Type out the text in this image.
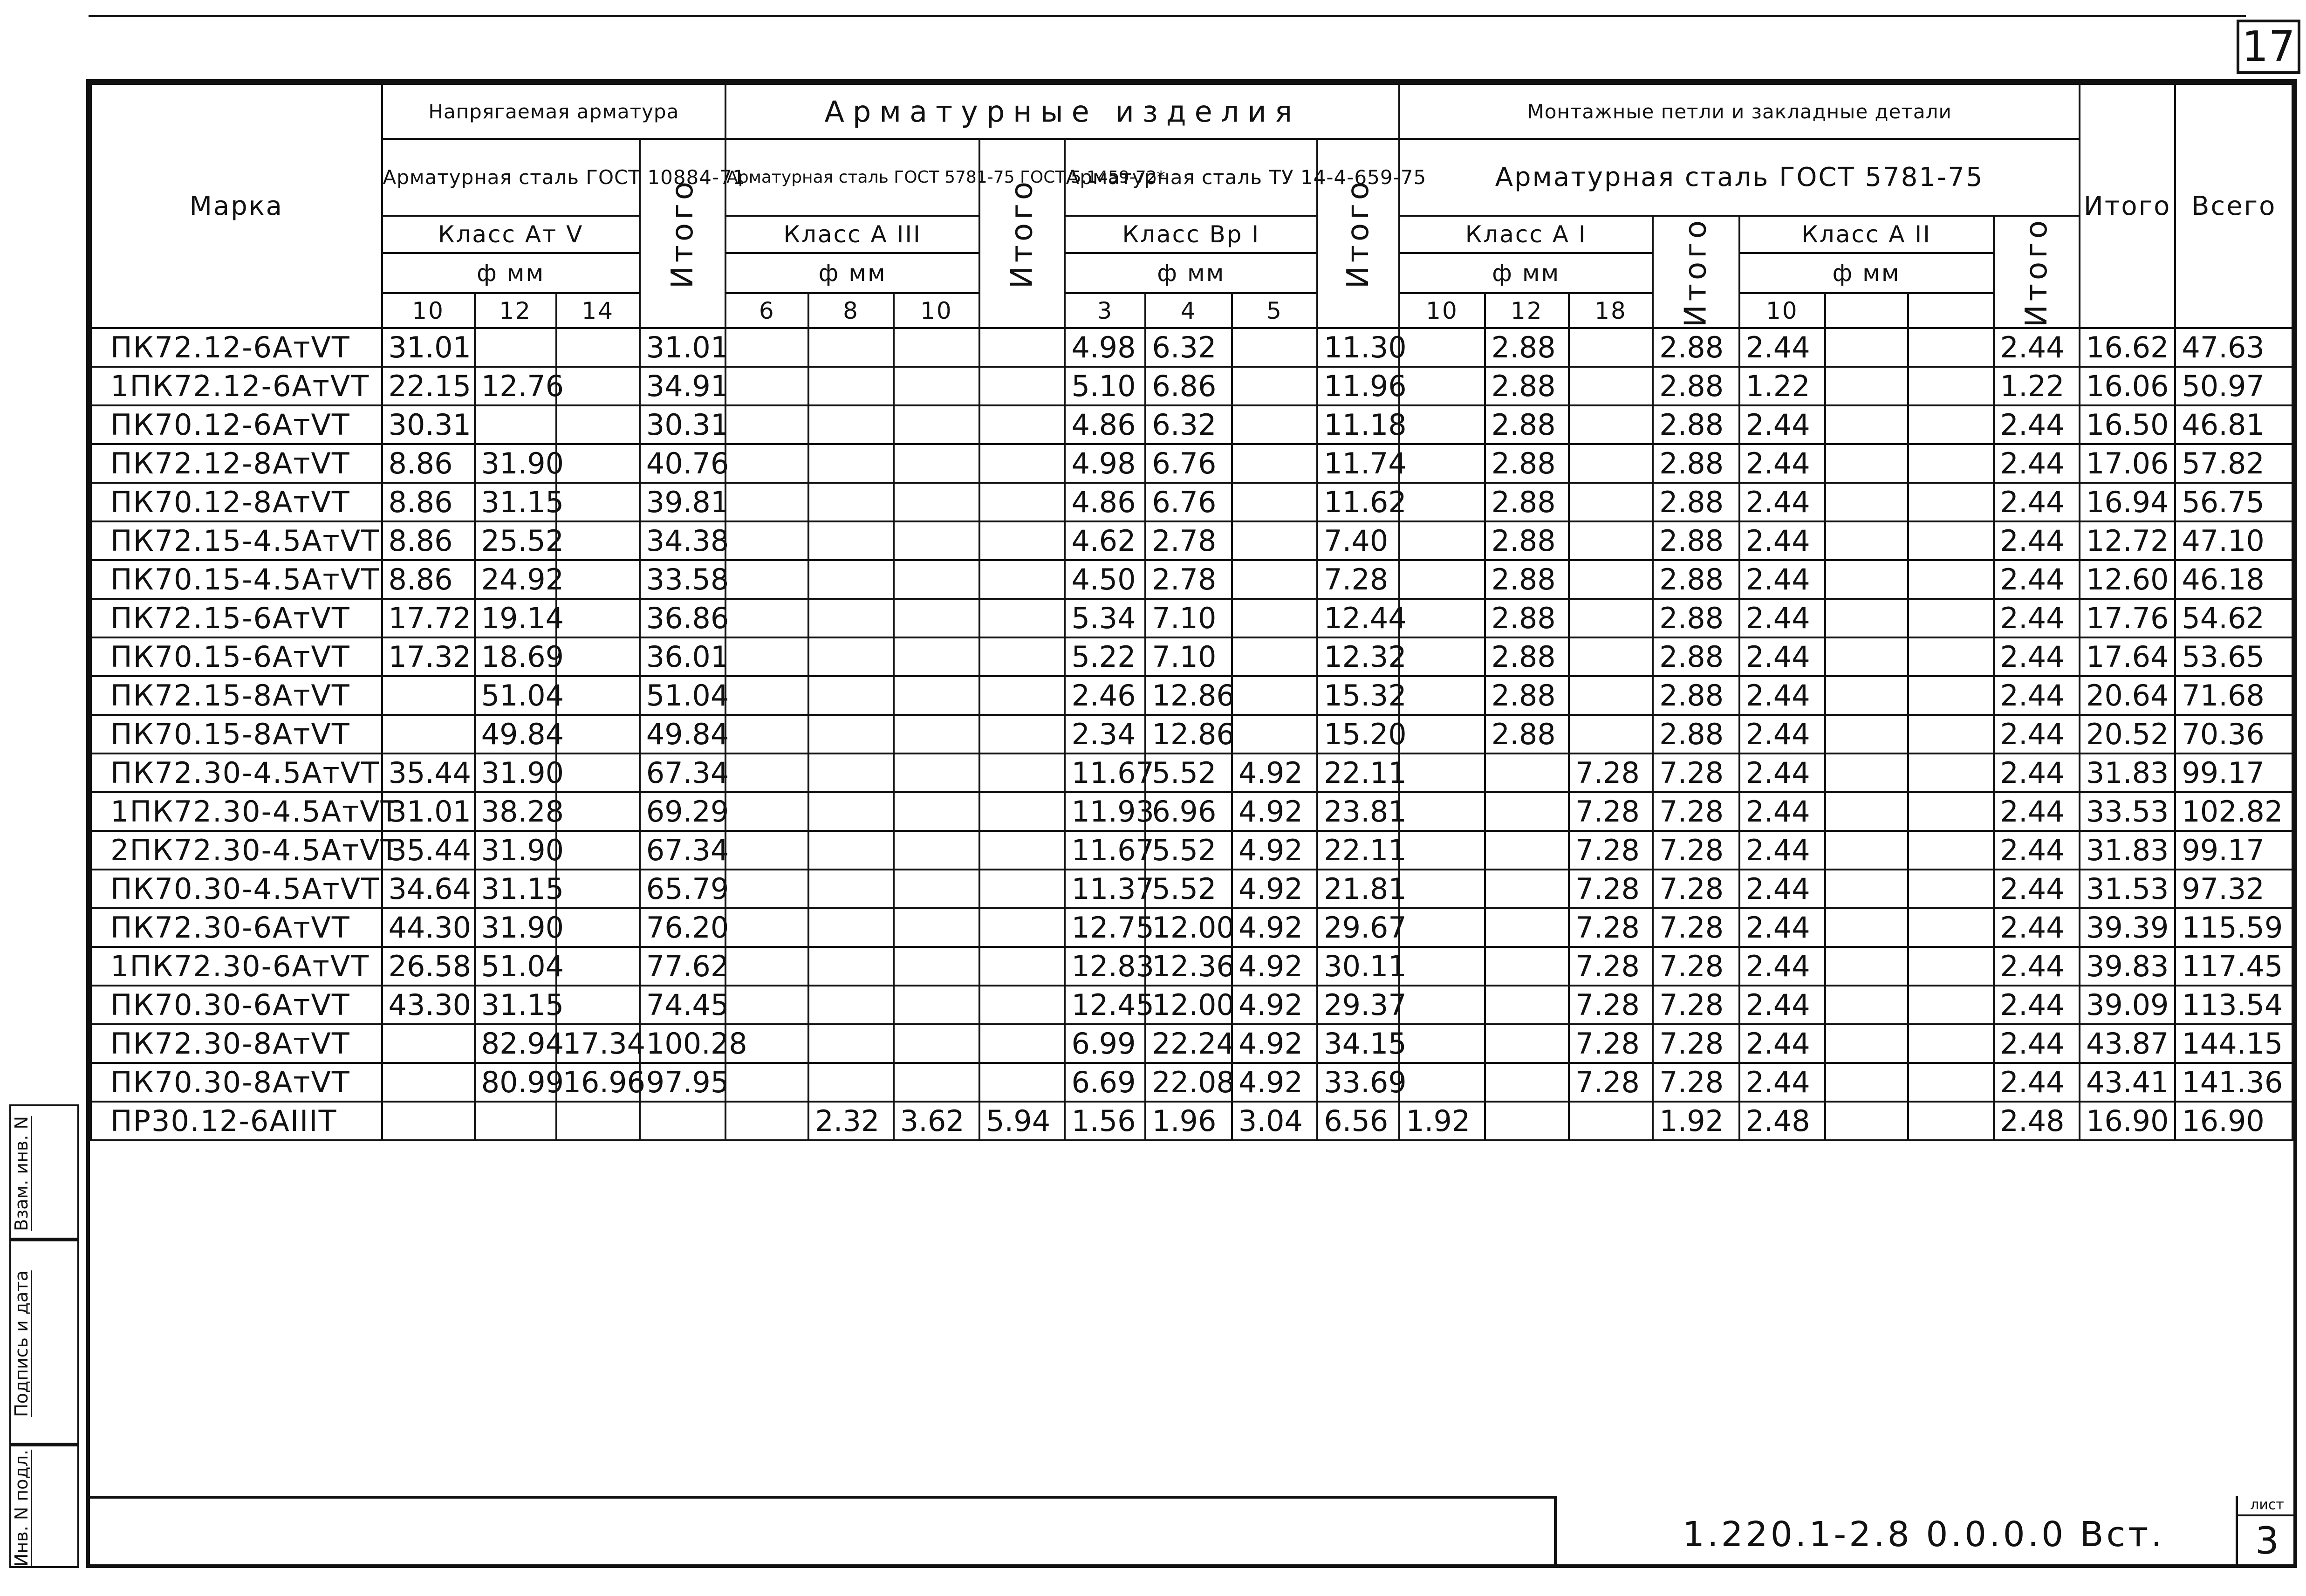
17
Марка	Напрягаемая арматура				Арматурные изделия								Монтажные петли и закладные детали								Итого	Всего
	Арматурная сталь ГОСТ 10884-71			Итого	Арматурная сталь ГОСТ 5781-75 ГОСТ 5.1459-72*			Итого	Арматурная сталь ТУ 14-4-659-75			Итого	Арматурная сталь ГОСТ 5781-75									
	Класс Ат V				Класс А III				Класс Вр I				Класс А I			Итого	Класс А II			Итого		
	ф мм				ф мм				ф мм				ф мм				ф мм					
	10	12	14		6	8	10		3	4	5		10	12	18		10					
ПК72.12-6АтVТ	31.01			31.01					4.98	6.32		11.30		2.88		2.88	2.44			2.44	16.62	47.63
1ПК72.12-6АтVТ	22.15	12.76		34.91					5.10	6.86		11.96		2.88		2.88	1.22			1.22	16.06	50.97
ПК70.12-6АтVТ	30.31			30.31					4.86	6.32		11.18		2.88		2.88	2.44			2.44	16.50	46.81
ПК72.12-8АтVТ	8.86	31.90		40.76					4.98	6.76		11.74		2.88		2.88	2.44			2.44	17.06	57.82
ПК70.12-8АтVТ	8.86	31.15		39.81					4.86	6.76		11.62		2.88		2.88	2.44			2.44	16.94	56.75
ПК72.15-4.5АтVТ	8.86	25.52		34.38					4.62	2.78		7.40		2.88		2.88	2.44			2.44	12.72	47.10
ПК70.15-4.5АтVТ	8.86	24.92		33.58					4.50	2.78		7.28		2.88		2.88	2.44			2.44	12.60	46.18
ПК72.15-6АтVТ	17.72	19.14		36.86					5.34	7.10		12.44		2.88		2.88	2.44			2.44	17.76	54.62
ПК70.15-6АтVТ	17.32	18.69		36.01					5.22	7.10		12.32		2.88		2.88	2.44			2.44	17.64	53.65
ПК72.15-8АтVТ		51.04		51.04					2.46	12.86		15.32		2.88		2.88	2.44			2.44	20.64	71.68
ПК70.15-8АтVТ		49.84		49.84					2.34	12.86		15.20		2.88		2.88	2.44			2.44	20.52	70.36
ПК72.30-4.5АтVТ	35.44	31.90		67.34					11.67	5.52	4.92	22.11			7.28	7.28	2.44			2.44	31.83	99.17
1ПК72.30-4.5АтVТ	31.01	38.28		69.29					11.93	6.96	4.92	23.81			7.28	7.28	2.44			2.44	33.53	102.82
2ПК72.30-4.5АтVТ	35.44	31.90		67.34					11.67	5.52	4.92	22.11			7.28	7.28	2.44			2.44	31.83	99.17
ПК70.30-4.5АтVТ	34.64	31.15		65.79					11.37	5.52	4.92	21.81			7.28	7.28	2.44			2.44	31.53	97.32
ПК72.30-6АтVТ	44.30	31.90		76.20					12.75	12.00	4.92	29.67			7.28	7.28	2.44			2.44	39.39	115.59
1ПК72.30-6АтVТ	26.58	51.04		77.62					12.83	12.36	4.92	30.11			7.28	7.28	2.44			2.44	39.83	117.45
ПК70.30-6АтVТ	43.30	31.15		74.45					12.45	12.00	4.92	29.37			7.28	7.28	2.44			2.44	39.09	113.54
ПК72.30-8АтVТ		82.94	17.34	100.28					6.99	22.24	4.92	34.15			7.28	7.28	2.44			2.44	43.87	144.15
ПК70.30-8АтVТ		80.99	16.96	97.95					6.69	22.08	4.92	33.69			7.28	7.28	2.44			2.44	43.41	141.36
ПР30.12-6АIIIТ						2.32	3.62	5.94	1.56	1.96	3.04	6.56	1.92			1.92	2.48			2.48	16.90	16.90
Взам. инв. N
Подпись и дата
Инв. N подл.	1.220.1-2.8 0.0.0.0 Вст.
лист
3
